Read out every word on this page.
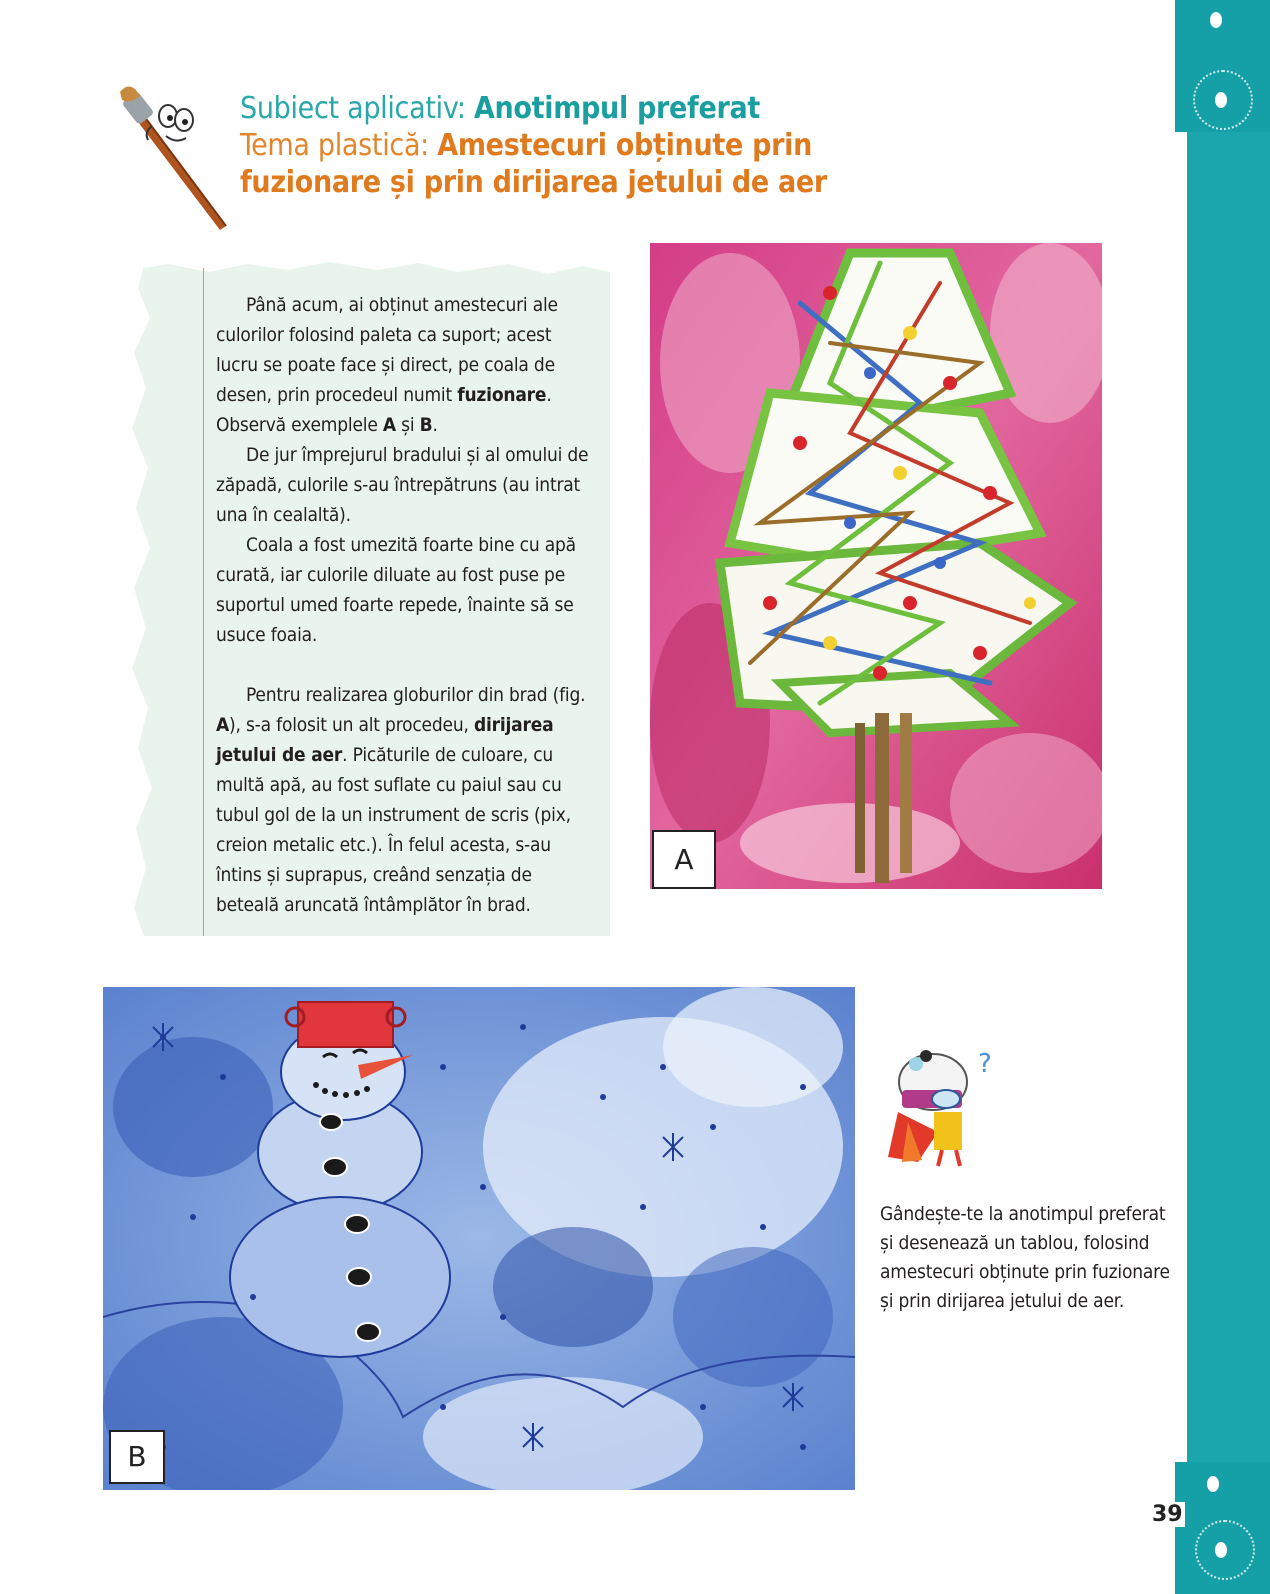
Subiect aplicativ: Anotimpul preferat
Tema plastică: Amestecuri obținute prin
fuzionare și prin dirijarea jetului de aer

Până acum, ai obținut amestecuri ale culorilor folosind paleta ca suport; acest lucru se poate face și direct, pe coala de desen, prin procedeul numit fuzionare. Observă exemplele A și B.

De jur împrejurul bradului și al omului de zăpadă, culorile s-au întrepătruns (au intrat una în cealaltă).

Coala a fost umezită foarte bine cu apă curată, iar culorile diluate au fost puse pe suportul umed foarte repede, înainte să se usuce foaia.

Pentru realizarea globurilor din brad (fig. A), s-a folosit un alt procedeu, dirijarea jetului de aer. Picăturile de culoare, cu multă apă, au fost suflate cu paiul sau cu tubul gol de la un instrument de scris (pix, creion metalic etc.). În felul acesta, s-au întins și suprapus, creând senzația de beteală aruncată întâmplător în brad.

A
B
?
Gândește-te la anotimpul preferat și desenează un tablou, folosind amestecuri obținute prin fuzionare și prin dirijarea jetului de aer.
39
